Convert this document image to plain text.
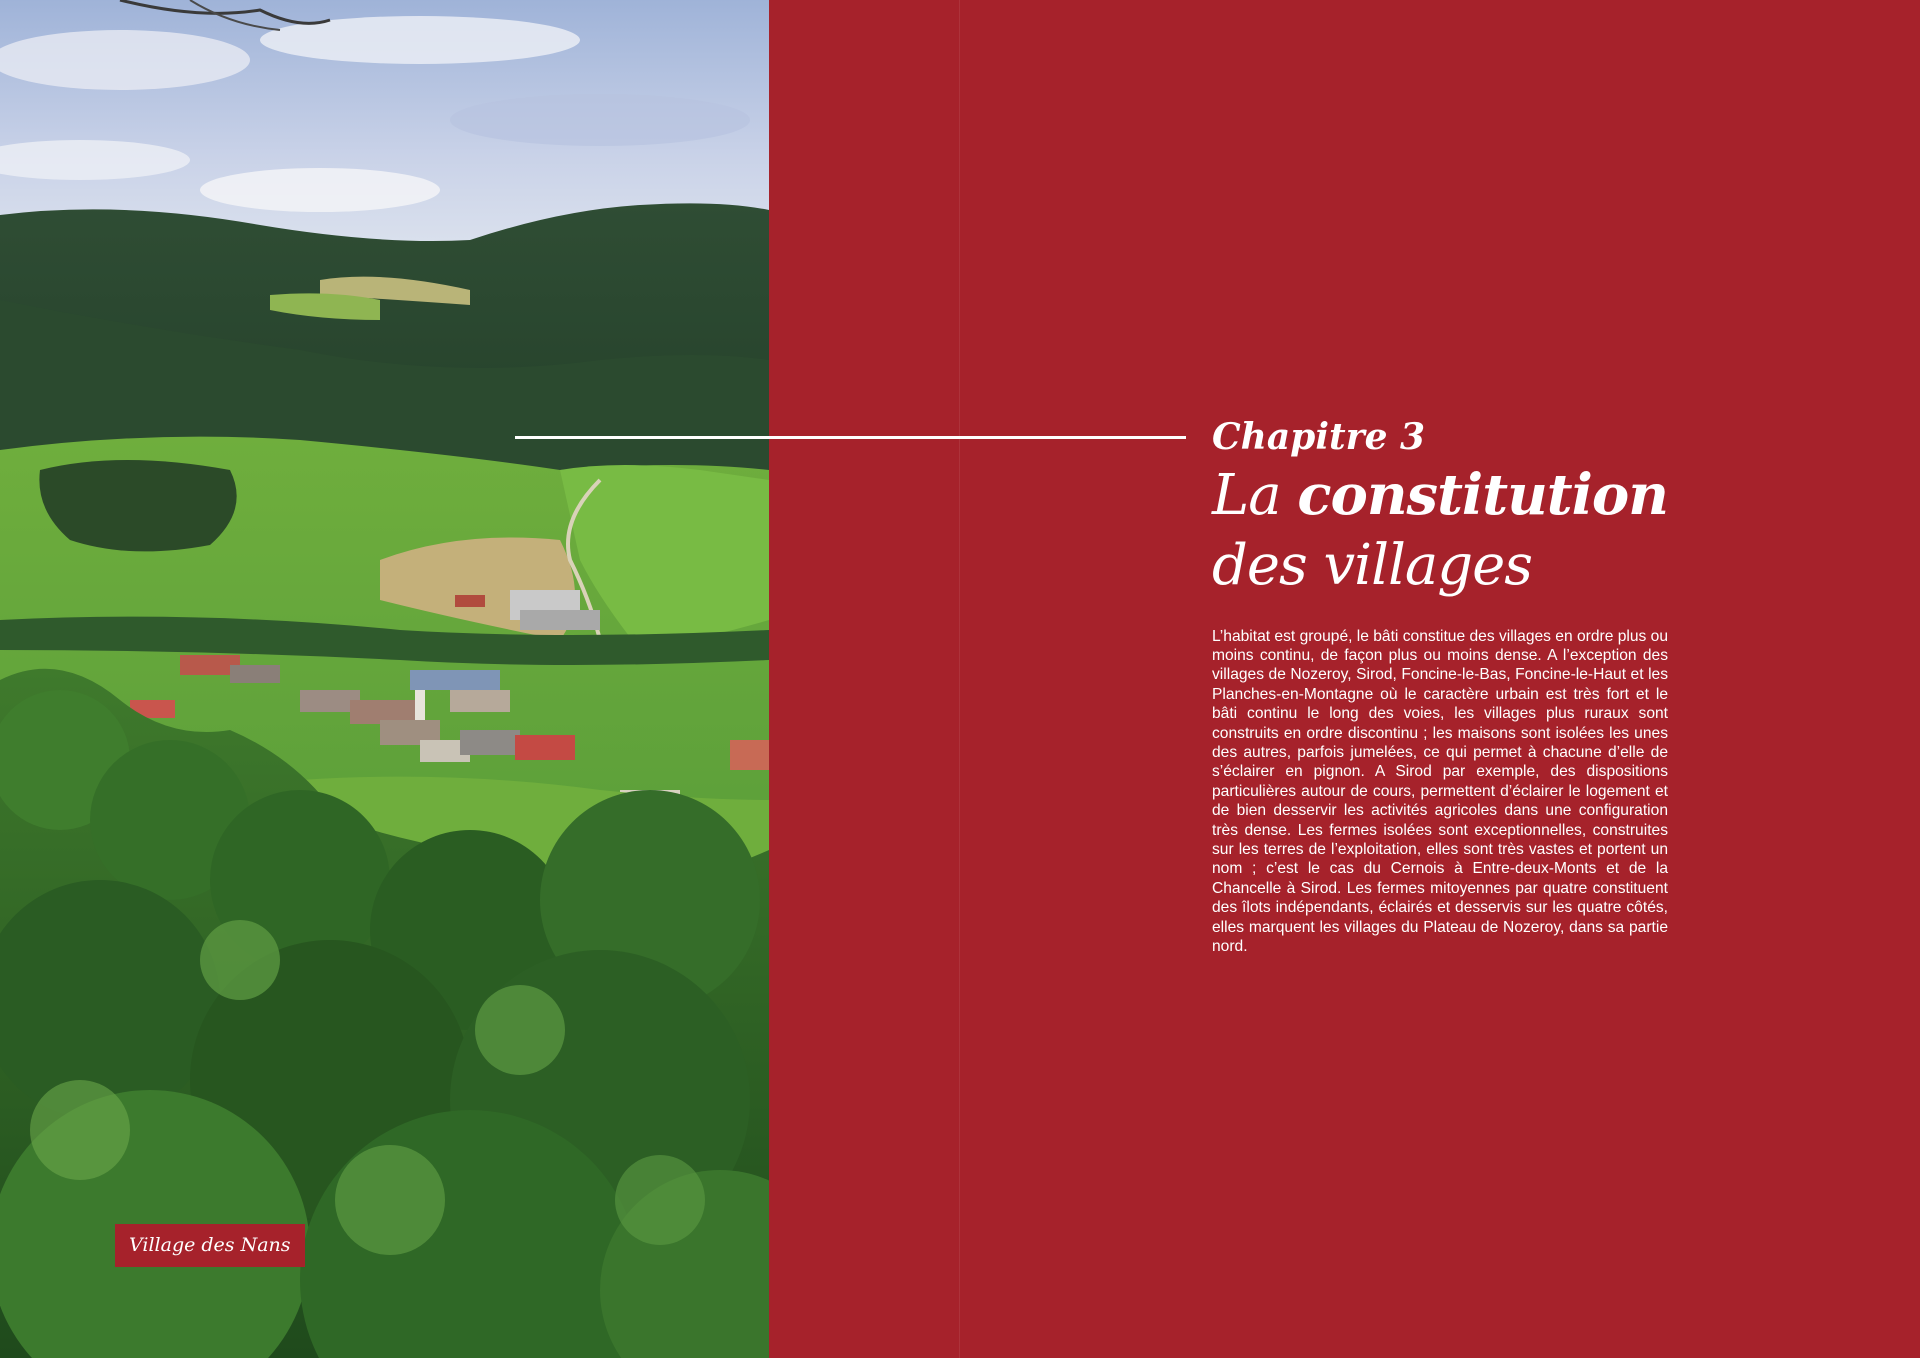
Village des Nans
Chapitre 3
La constitution
des villages

L’habitat est groupé, le bâti constitue des villages en ordre plus ou moins continu, de façon plus ou moins dense. A l’exception des villages de Nozeroy, Sirod, Foncine-le-Bas, Foncine-le-Haut et les Planches-en-Montagne où le caractère urbain est très fort et le bâti continu le long des voies, les villages plus ruraux sont construits en ordre discontinu ; les maisons sont isolées les unes des autres, parfois jumelées, ce qui permet à chacune d’elle de s’éclairer en pignon. A Sirod par exemple, des dispositions particulières autour de cours, permettent d’éclairer le logement et de bien desservir les activités agricoles dans une configuration très dense. Les fermes isolées sont exceptionnelles, construites sur les terres de l’exploitation, elles sont très vastes et portent un nom ; c’est le cas du Cernois à Entre-deux-Monts et de la Chancelle à Sirod. Les fermes mitoyennes par quatre constituent des îlots indépendants, éclairés et desservis sur les quatre côtés, elles marquent les villages du Plateau de Nozeroy, dans sa partie nord.
